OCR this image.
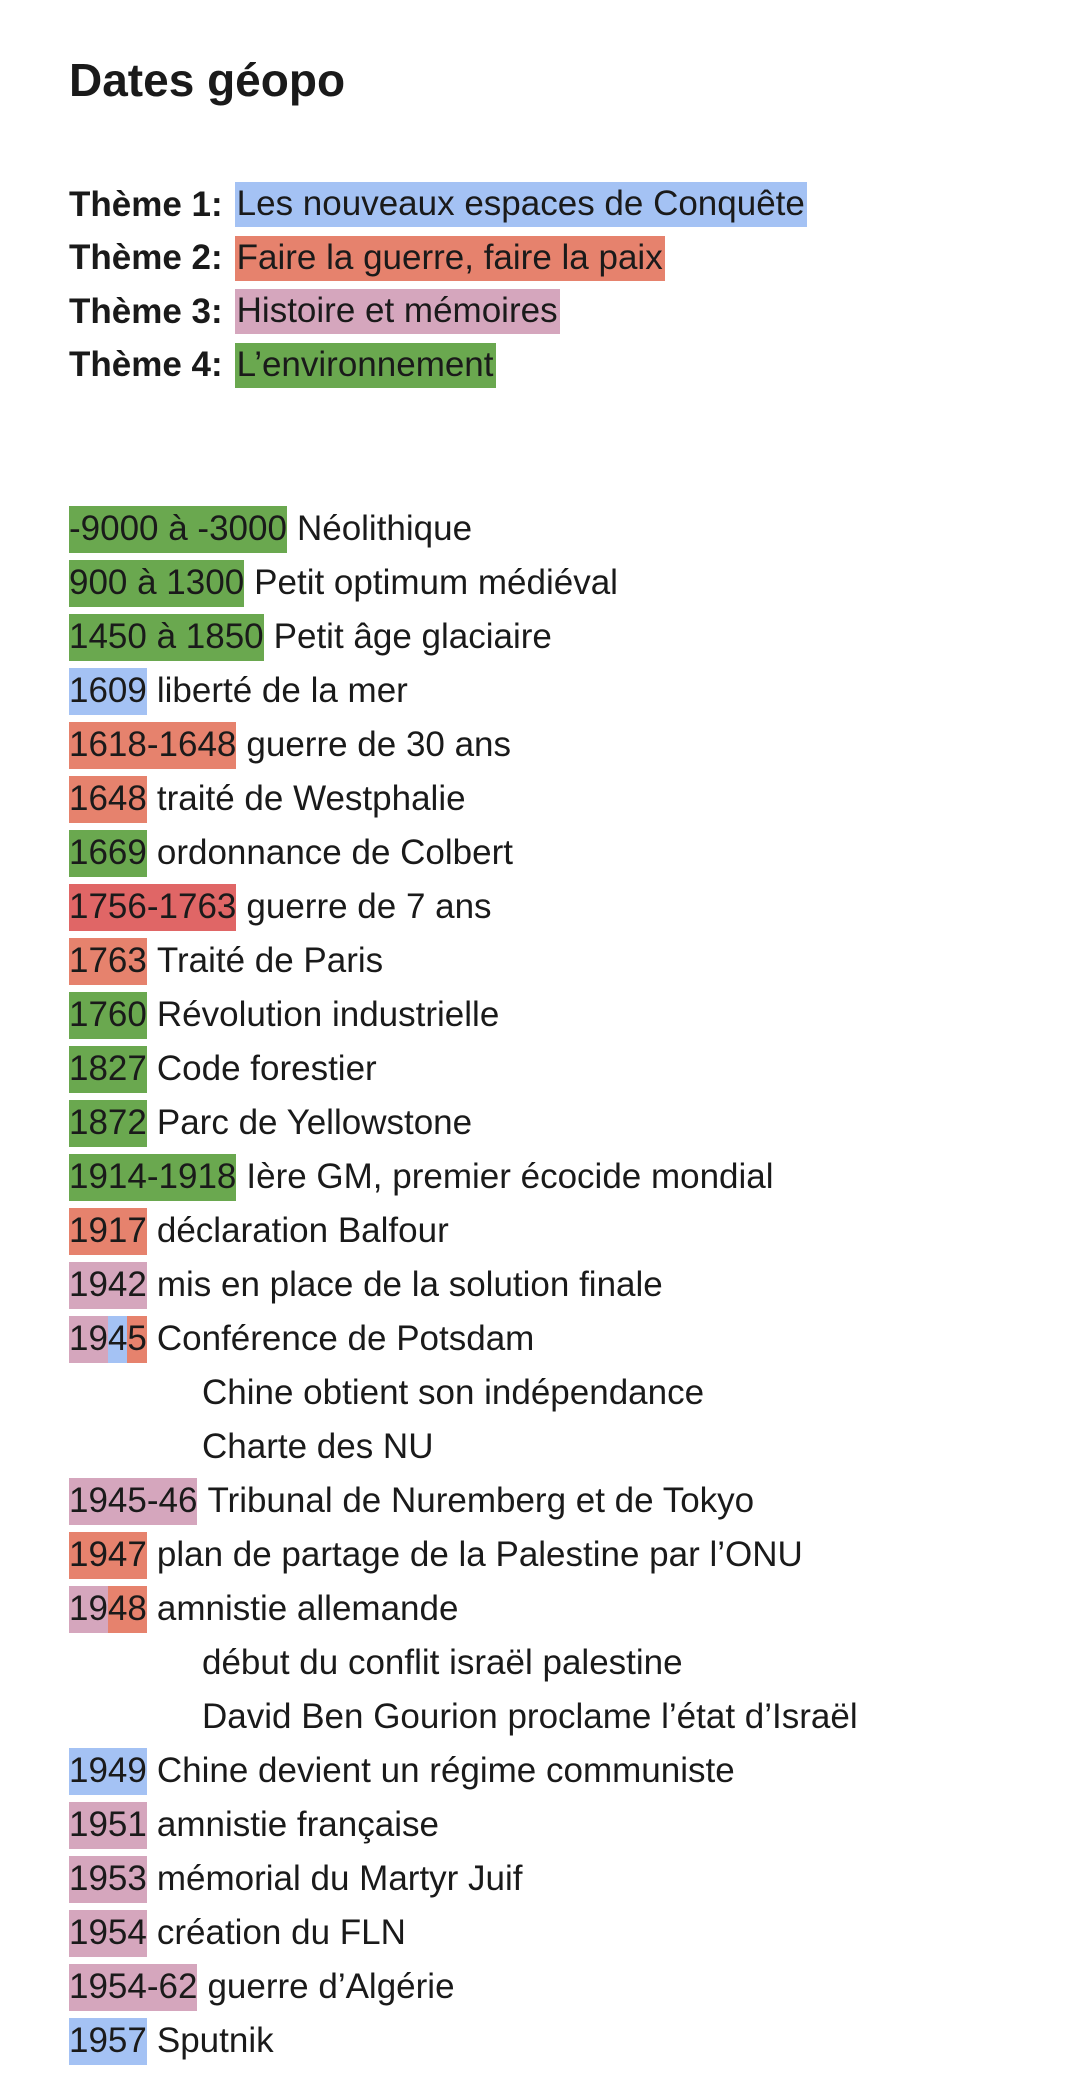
Dates géopo
Thème 1: Les nouveaux espaces de Conquête
Thème 2: Faire la guerre, faire la paix
Thème 3: Histoire et mémoires
Thème 4: L’environnement
-9000 à -3000 Néolithique
900 à 1300 Petit optimum médiéval
1450 à 1850 Petit âge glaciaire
1609 liberté de la mer
1618-1648 guerre de 30 ans
1648 traité de Westphalie
1669 ordonnance de Colbert
1756-1763 guerre de 7 ans
1763 Traité de Paris
1760 Révolution industrielle
1827 Code forestier
1872 Parc de Yellowstone
1914-1918 Ière GM, premier écocide mondial
1917 déclaration Balfour
1942 mis en place de la solution finale
19 4 5 Conférence de Potsdam
Chine obtient son indépendance
Charte des NU
1945-46 Tribunal de Nuremberg et de Tokyo
1947 plan de partage de la Palestine par l’ONU
19 48 amnistie allemande
début du conflit israël palestine
David Ben Gourion proclame l’état d’Israël
1949 Chine devient un régime communiste
1951 amnistie française
1953 mémorial du Martyr Juif
1954 création du FLN
1954-62 guerre d’Algérie
1957 Sputnik
